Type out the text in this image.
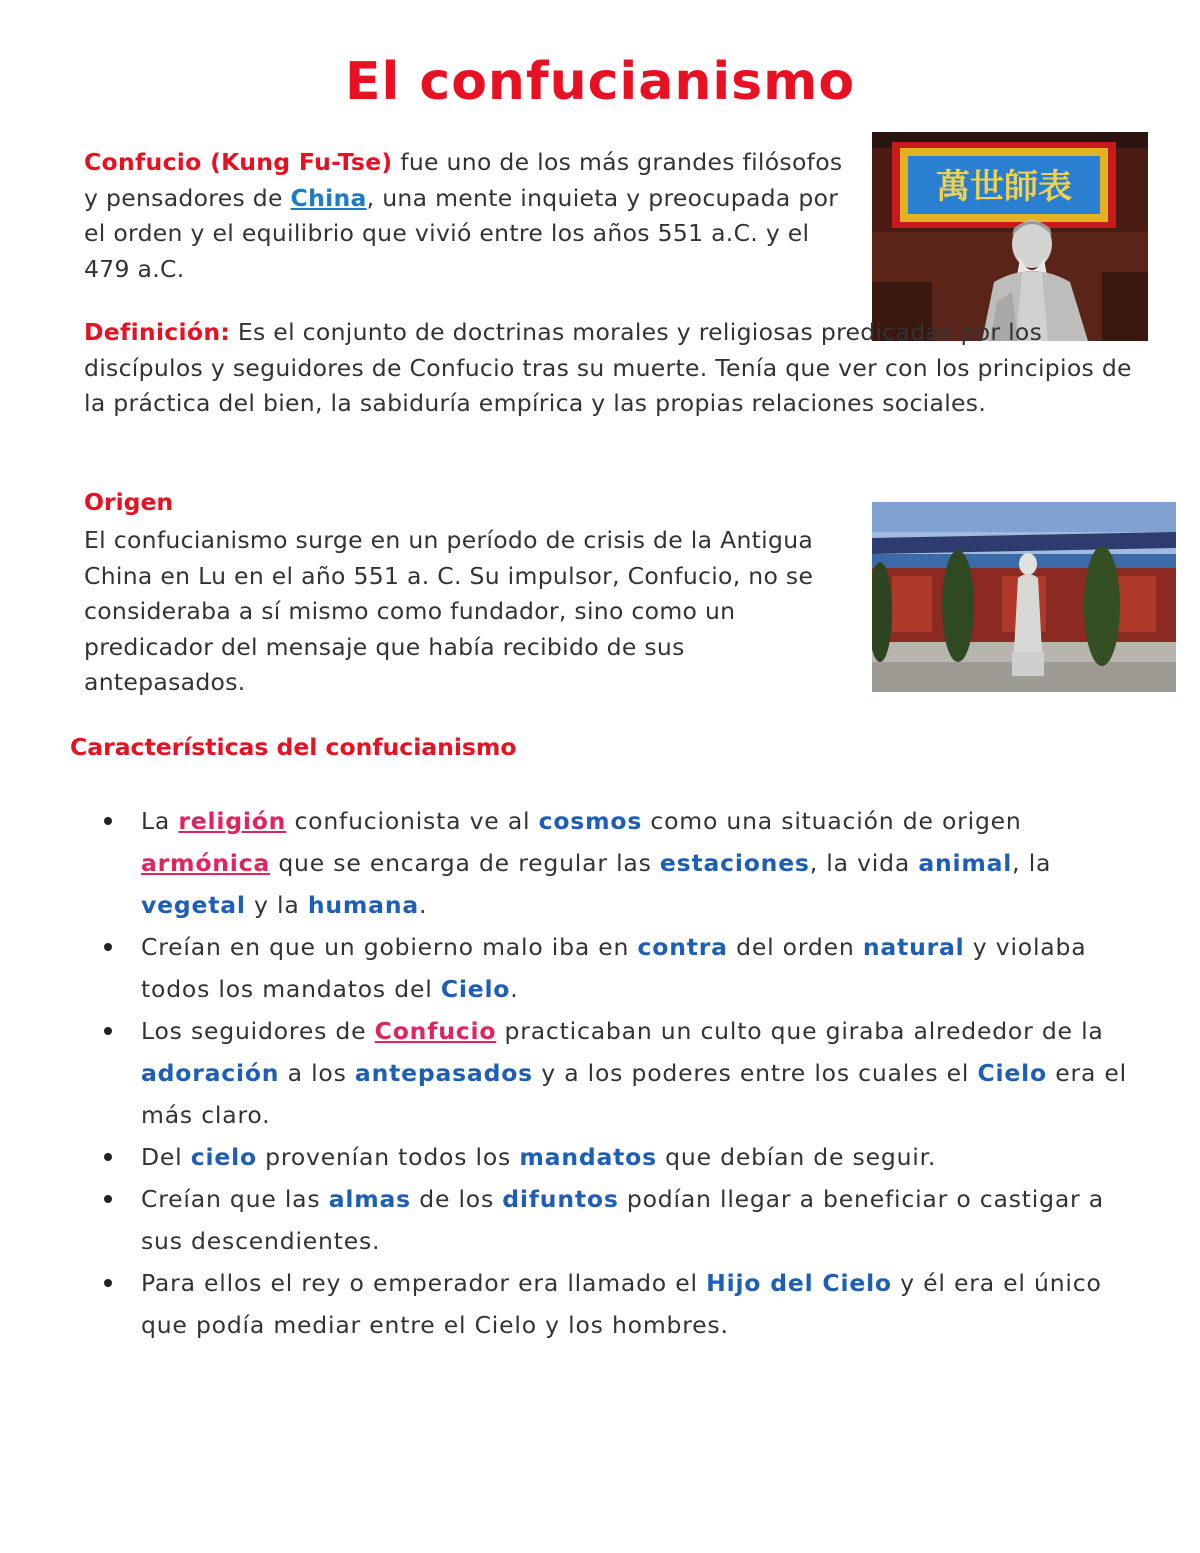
El confucianismo
萬世師表
Confucio (Kung Fu-Tse) fue uno de los más grandes filósofos y pensadores de China, una mente inquieta y preocupada por el orden y el equilibrio que vivió entre los años 551 a.C. y el 479 a.C.
Definición: Es el conjunto de doctrinas morales y religiosas predicadas por los discípulos y seguidores de Confucio tras su muerte. Tenía que ver con los principios de la práctica del bien, la sabiduría empírica y las propias relaciones sociales.
Origen
El confucianismo surge en un período de crisis de la Antigua China en Lu en el año 551 a. C. Su impulsor, Confucio, no se consideraba a sí mismo como fundador, sino como un predicador del mensaje que había recibido de sus antepasados.
Características del confucianismo
La religión confucionista ve al cosmos como una situación de origen armónica que se encarga de regular las estaciones, la vida animal, la vegetal y la humana.
Creían en que un gobierno malo iba en contra del orden natural y violaba todos los mandatos del Cielo.
Los seguidores de Confucio practicaban un culto que giraba alrededor de la adoración a los antepasados y a los poderes entre los cuales el Cielo era el más claro.
Del cielo provenían todos los mandatos que debían de seguir.
Creían que las almas de los difuntos podían llegar a beneficiar o castigar a sus descendientes.
Para ellos el rey o emperador era llamado el Hijo del Cielo y él era el único que podía mediar entre el Cielo y los hombres.
